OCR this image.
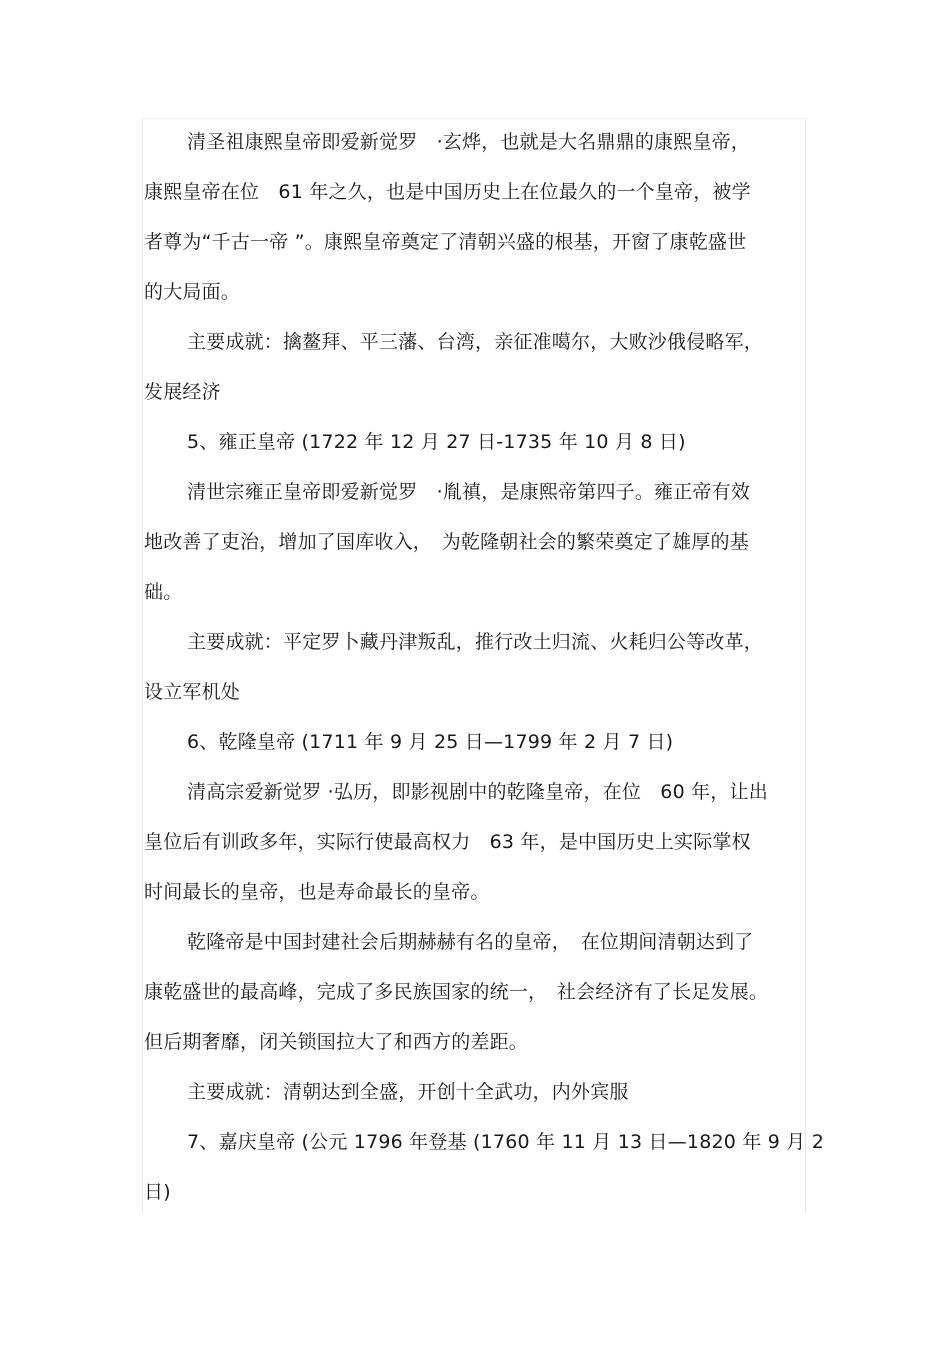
清圣祖康熙皇帝即爱新觉罗　·玄烨，也就是大名鼎鼎的康熙皇帝，
康熙皇帝在位　61 年之久，也是中国历史上在位最久的一个皇帝，被学
者尊为“千古一帝 ”。康熙皇帝奠定了清朝兴盛的根基，开窗了康乾盛世
的大局面。
主要成就：擒鳌拜、平三藩、台湾，亲征准噶尔，大败沙俄侵略军，
发展经济
5、雍正皇帝 (1722 年 12 月 27 日-1735 年 10 月 8 日)
清世宗雍正皇帝即爱新觉罗　·胤禛，是康熙帝第四子。雍正帝有效
地改善了吏治，增加了国库收入，　为乾隆朝社会的繁荣奠定了雄厚的基
础。
主要成就：平定罗卜藏丹津叛乱，推行改土归流、火耗归公等改革，
设立军机处
6、乾隆皇帝 (1711 年 9 月 25 日—1799 年 2 月 7 日)
清高宗爱新觉罗 ·弘历，即影视剧中的乾隆皇帝，在位　60 年，让出
皇位后有训政多年，实际行使最高权力　63 年，是中国历史上实际掌权
时间最长的皇帝，也是寿命最长的皇帝。
乾隆帝是中国封建社会后期赫赫有名的皇帝，　在位期间清朝达到了
康乾盛世的最高峰，完成了多民族国家的统一，　社会经济有了长足发展。
但后期奢靡，闭关锁国拉大了和西方的差距。
主要成就：清朝达到全盛，开创十全武功，内外宾服
7、嘉庆皇帝 (公元 1796 年登基 (1760 年 11 月 13 日—1820 年 9 月 2
日)
